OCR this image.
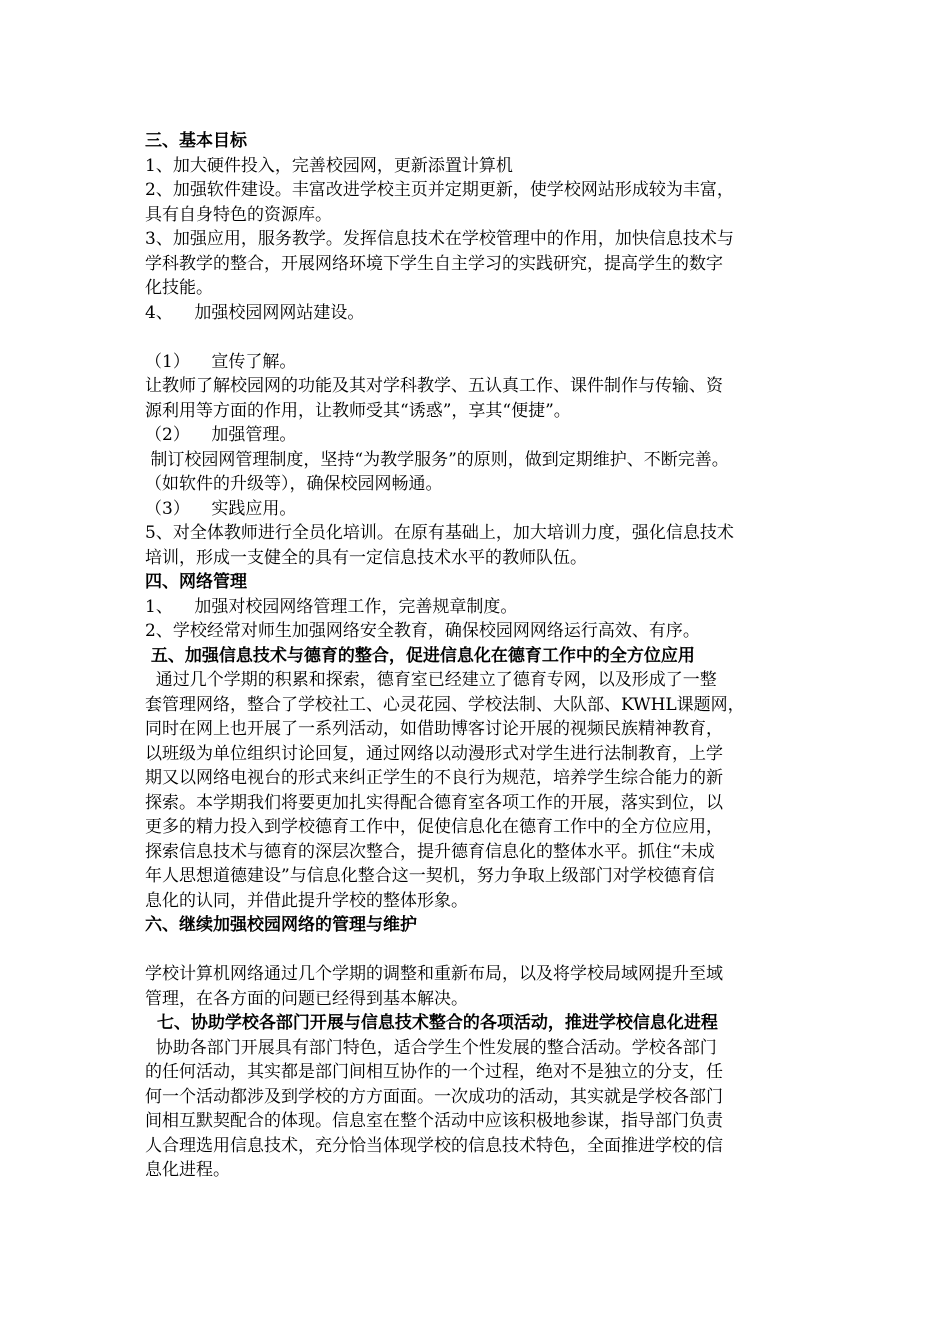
三、基本目标

1、加大硬件投入，完善校园网，更新添置计算机

2、加强软件建设。丰富改进学校主页并定期更新，使学校网站形成较为丰富，

具有自身特色的资源库。

3、加强应用，服务教学。发挥信息技术在学校管理中的作用，加快信息技术与

学科教学的整合，开展网络环境下学生自主学习的实践研究，提高学生的数字

化技能。

4、    加强校园网网站建设。

（1）    宣传了解。

让教师了解校园网的功能及其对学科教学、五认真工作、课件制作与传输、资

源利用等方面的作用，让教师受其“诱惑”，享其“便捷”。

（2）    加强管理。

制订校园网管理制度，坚持“为教学服务”的原则，做到定期维护、不断完善。

（如软件的升级等），确保校园网畅通。

（3）    实践应用。

5、对全体教师进行全员化培训。在原有基础上，加大培训力度，强化信息技术

培训，形成一支健全的具有一定信息技术水平的教师队伍。

四、网络管理

1、    加强对校园网络管理工作，完善规章制度。

2、学校经常对师生加强网络安全教育，确保校园网网络运行高效、有序。

五、加强信息技术与德育的整合，促进信息化在德育工作中的全方位应用

通过几个学期的积累和探索，德育室已经建立了德育专网，以及形成了一整

套管理网络，整合了学校社工、心灵花园、学校法制、大队部、KWHL课题网，

同时在网上也开展了一系列活动，如借助博客讨论开展的视频民族精神教育，

以班级为单位组织讨论回复，通过网络以动漫形式对学生进行法制教育，上学

期又以网络电视台的形式来纠正学生的不良行为规范，培养学生综合能力的新

探索。本学期我们将要更加扎实得配合德育室各项工作的开展，落实到位，以

更多的精力投入到学校德育工作中，促使信息化在德育工作中的全方位应用，

探索信息技术与德育的深层次整合，提升德育信息化的整体水平。抓住“未成

年人思想道德建设”与信息化整合这一契机，努力争取上级部门对学校德育信

息化的认同，并借此提升学校的整体形象。

六、继续加强校园网络的管理与维护

学校计算机网络通过几个学期的调整和重新布局，以及将学校局域网提升至域

管理，在各方面的问题已经得到基本解决。

七、协助学校各部门开展与信息技术整合的各项活动，推进学校信息化进程

协助各部门开展具有部门特色，适合学生个性发展的整合活动。学校各部门

的任何活动，其实都是部门间相互协作的一个过程，绝对不是独立的分支，任

何一个活动都涉及到学校的方方面面。一次成功的活动，其实就是学校各部门

间相互默契配合的体现。信息室在整个活动中应该积极地参谋，指导部门负责

人合理选用信息技术，充分恰当体现学校的信息技术特色，全面推进学校的信

息化进程。
